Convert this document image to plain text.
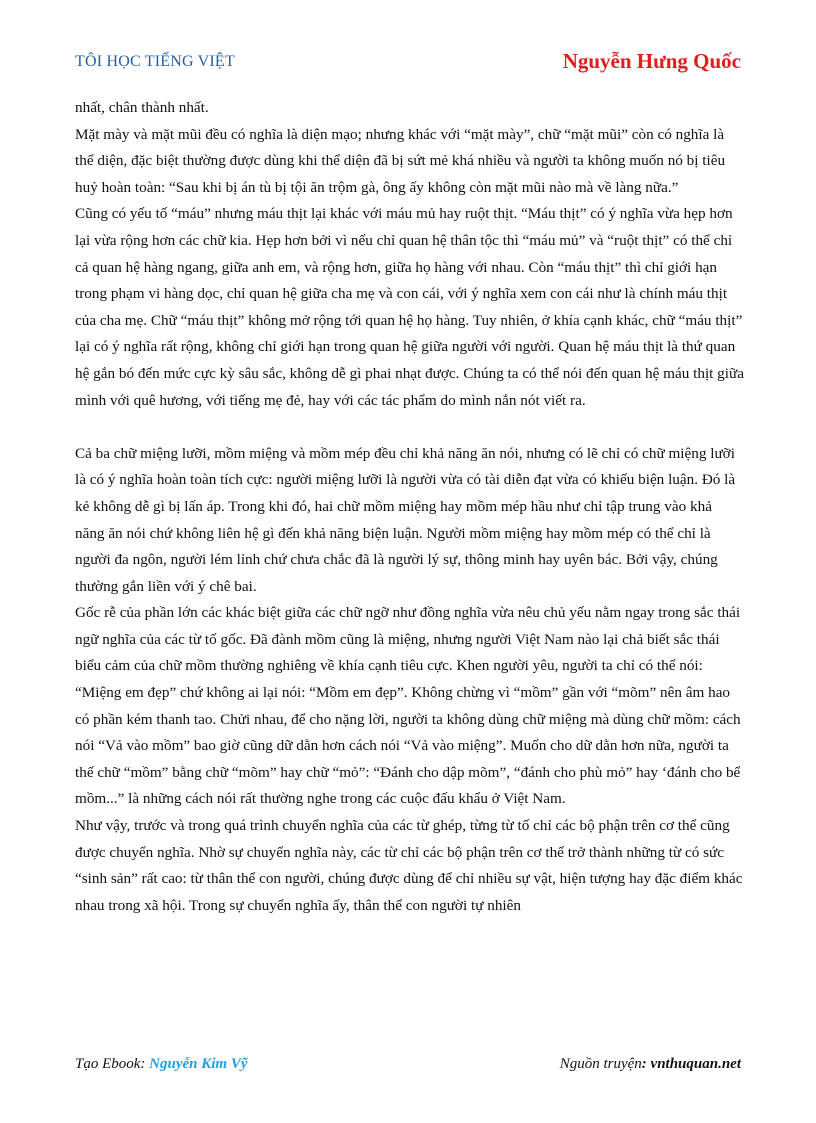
TÔI HỌC TIẾNG VIỆT	Nguyễn Hưng Quốc

nhất, chân thành nhất.

Mặt mày và mặt mũi đều có nghĩa là diện mạo; nhưng khác với “mặt mày”, chữ “mặt mũi” còn có nghĩa là thể diện, đặc biệt thường được dùng khi thể diện đã bị sứt mẻ khá nhiều và người ta không muốn nó bị tiêu huỷ hoàn toàn: “Sau khi bị án tù bị tội ăn trộm gà, ông ấy không còn mặt mũi nào mà về làng nữa.”

Cũng có yếu tố “máu” nhưng máu thịt lại khác với máu mủ hay ruột thịt. “Máu thịt” có ý nghĩa vừa hẹp hơn lại vừa rộng hơn các chữ kia. Hẹp hơn bởi vì nếu chỉ quan hệ thân tộc thì “máu mủ” và “ruột thịt” có thể chỉ cả quan hệ hàng ngang, giữa anh em, và rộng hơn, giữa họ hàng với nhau. Còn “máu thịt” thì chỉ giới hạn trong phạm vi hàng dọc, chỉ quan hệ giữa cha mẹ và con cái, với ý nghĩa xem con cái như là chính máu thịt của cha mẹ. Chữ “máu thịt” không mở rộng tới quan hệ họ hàng. Tuy nhiên, ở khía cạnh khác, chữ “máu thịt” lại có ý nghĩa rất rộng, không chỉ giới hạn trong quan hệ giữa người với người. Quan hệ máu thịt là thứ quan hệ gắn bó đến mức cực kỳ sâu sắc, không dễ gì phai nhạt được. Chúng ta có thể nói đến quan hệ máu thịt giữa mình với quê hương, với tiếng mẹ đẻ, hay với các tác phẩm do mình nắn nót viết ra.

Cả ba chữ miệng lưỡi, mồm miệng và mồm mép đều chỉ khả năng ăn nói, nhưng có lẽ chỉ có chữ miệng lưỡi là có ý nghĩa hoàn toàn tích cực: người miệng lưỡi là người vừa có tài diễn đạt vừa có khiếu biện luận. Đó là kẻ không dễ gì bị lấn áp. Trong khi đó, hai chữ mồm miệng hay mồm mép hầu như chỉ tập trung vào khả năng ăn nói chứ không liên hệ gì đến khả năng biện luận. Người mồm miệng hay mồm mép có thể chỉ là người đa ngôn, người lém lỉnh chứ chưa chắc đã là người lý sự, thông minh hay uyên bác. Bởi vậy, chúng thường gắn liền với ý chê bai.

Gốc rễ của phần lớn các khác biệt giữa các chữ ngỡ như đồng nghĩa vừa nêu chủ yếu nằm ngay trong sắc thái ngữ nghĩa của các từ tố gốc. Đã đành mồm cũng là miệng, nhưng người Việt Nam nào lại chả biết sắc thái biểu cảm của chữ mồm thường nghiêng về khía cạnh tiêu cực. Khen người yêu, người ta chỉ có thể nói: “Miệng em đẹp” chứ không ai lại nói: “Mồm em đẹp”. Không chừng vì “mồm” gần với “mõm” nên âm hao có phần kém thanh tao. Chửi nhau, để cho nặng lời, người ta không dùng chữ miệng mà dùng chữ mồm: cách nói “Vả vào mồm” bao giờ cũng dữ dằn hơn cách nói “Vả vào miệng”. Muốn cho dữ dằn hơn nữa, người ta thế chữ “mồm” bằng chữ “mõm” hay chữ “mỏ”: “Đánh cho dập mõm”, “đánh cho phù mỏ” hay ‘đánh cho bể mồm...” là những cách nói rất thường nghe trong các cuộc đấu khẩu ở Việt Nam.

Như vậy, trước và trong quá trình chuyển nghĩa của các từ ghép, từng từ tố chỉ các bộ phận trên cơ thể cũng được chuyển nghĩa. Nhờ sự chuyển nghĩa này, các từ chỉ các bộ phận trên cơ thể trở thành những từ có sức “sinh sản” rất cao: từ thân thể con người, chúng được dùng để chỉ nhiều sự vật, hiện tượng hay đặc điểm khác nhau trong xã hội. Trong sự chuyển nghĩa ấy, thân thể con người tự nhiên

Tạo Ebook: Nguyễn Kim Vỹ	Nguồn truyện: vnthuquan.net
